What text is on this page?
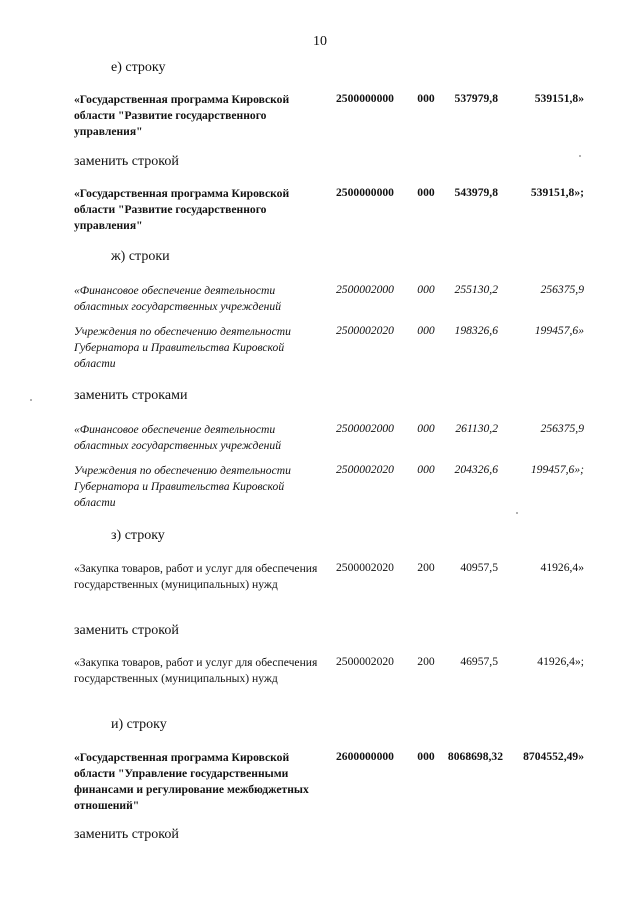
10
е) строку
«Государственная программа Кировской области "Развитие государственного управления"
2500000000	000	537979,8	539151,8»
заменить строкой
«Государственная программа Кировской области "Развитие государственного управления"
2500000000	000	543979,8	539151,8»;
ж) строки
«Финансовое обеспечение деятельности областных государственных учреждений
2500002000	000	255130,2	256375,9
Учреждения по обеспечению деятельности Губернатора и Правительства Кировской области
2500002020	000	198326,6	199457,6»
заменить строками
«Финансовое обеспечение деятельности областных государственных учреждений
2500002000	000	261130,2	256375,9
Учреждения по обеспечению деятельности Губернатора и Правительства Кировской области
2500002020	000	204326,6	199457,6»;
з) строку
«Закупка товаров, работ и услуг для обеспечения государственных (муниципальных) нужд
2500002020	200	40957,5	41926,4»
заменить строкой
«Закупка товаров, работ и услуг для обеспечения государственных (муниципальных) нужд
2500002020	200	46957,5	41926,4»;
и) строку
«Государственная программа Кировской области "Управление государственными финансами и регулирование межбюджетных отношений"
2600000000	000	8068698,32	8704552,49»
заменить строкой
